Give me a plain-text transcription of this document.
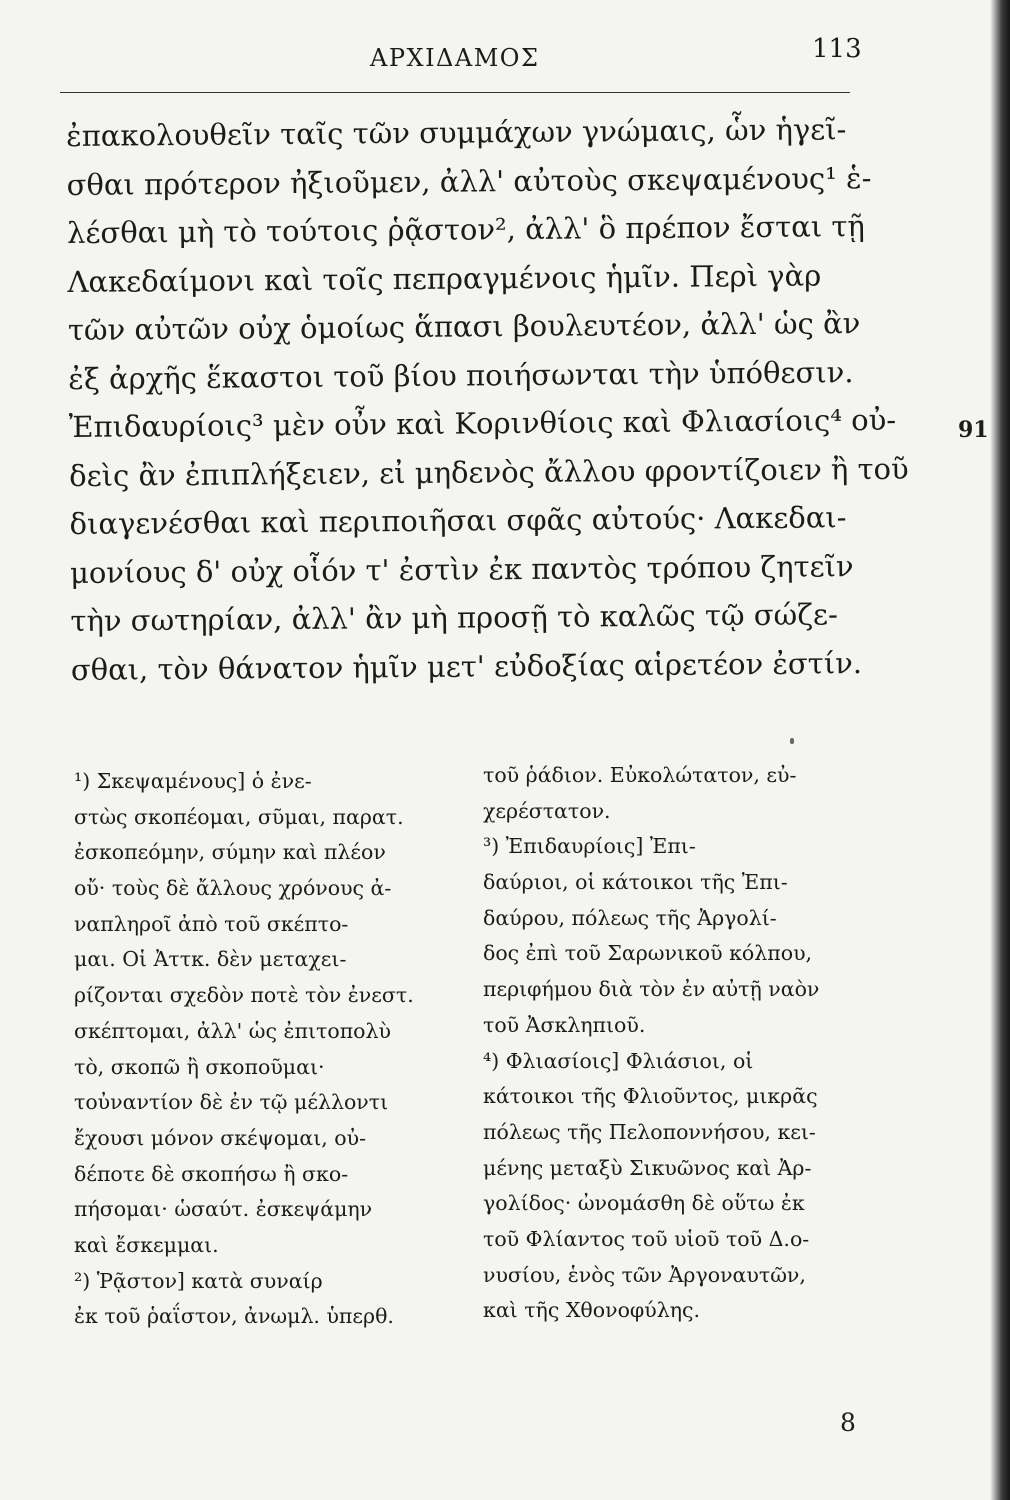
ΑΡΧΙΔΑΜΟΣ	113
ἐπακολουθεῖν ταῖς τῶν συμμάχων γνώμαις, ὧν ἡγεῖ-
σθαι πρότερον ἠξιοῦμεν, ἀλλ' αὐτοὺς σκεψαμένους¹ ἑ-
λέσθαι μὴ τὸ τούτοις ῥᾷστον², ἀλλ' ὃ πρέπον ἔσται τῇ
Λακεδαίμονι καὶ τοῖς πεπραγμένοις ἡμῖν. Περὶ γὰρ
τῶν αὐτῶν οὐχ ὁμοίως ἅπασι βουλευτέον, ἀλλ' ὡς ἂν
ἐξ ἀρχῆς ἕκαστοι τοῦ βίου ποιήσωνται τὴν ὑπόθεσιν.
Ἐπιδαυρίοις³ μὲν οὖν καὶ Κορινθίοις καὶ Φλιασίοις⁴ οὐ-
δεὶς ἂν ἐπιπλήξειεν, εἰ μηδενὸς ἄλλου φροντίζοιεν ἢ τοῦ
διαγενέσθαι καὶ περιποιῆσαι σφᾶς αὐτούς· Λακεδαι-
μονίους δ' οὐχ οἷόν τ' ἐστὶν ἐκ παντὸς τρόπου ζητεῖν
τὴν σωτηρίαν, ἀλλ' ἂν μὴ προσῇ τὸ καλῶς τῷ σώζε-
σθαι, τὸν θάνατον ἡμῖν μετ' εὐδοξίας αἱρετέον ἐστίν.
91
¹) Σκεψαμένους] ὁ ἐνε-
στὼς σκοπέομαι, σῦμαι, παρατ.
ἐσκοπεόμην, σύμην καὶ πλέον
οὔ· τοὺς δὲ ἄλλους χρόνους ἀ-
ναπληροῖ ἀπὸ τοῦ σκέπτο-
μαι. Οἱ Ἀττκ. δὲν μεταχει-
ρίζονται σχεδὸν ποτὲ τὸν ἐνεστ.
σκέπτομαι, ἀλλ' ὡς ἐπιτοπολὺ
τὸ, σκοπῶ ἢ σκοποῦμαι·
τοὐναντίον δὲ ἐν τῷ μέλλοντι
ἔχουσι μόνον σκέψομαι, οὐ-
δέποτε δὲ σκοπήσω ἢ σκο-
πήσομαι· ὡσαύτ. ἐσκεψάμην
καὶ ἔσκεμμαι.
²) Ῥᾷστον] κατὰ συναίρ
ἐκ τοῦ ῥαΐστον, ἀνωμλ. ὑπερθ.
τοῦ ῥάδιον. Εὐκολώτατον, εὐ-
χερέστατον.
³) Ἐπιδαυρίοις] Ἐπι-
δαύριοι, οἱ κάτοικοι τῆς Ἐπι-
δαύρου, πόλεως τῆς Ἀργολί-
δος ἐπὶ τοῦ Σαρωνικοῦ κόλπου,
περιφήμου διὰ τὸν ἐν αὐτῇ ναὸν
τοῦ Ἀσκληπιοῦ.
⁴) Φλιασίοις] Φλιάσιοι, οἱ
κάτοικοι τῆς Φλιοῦντος, μικρᾶς
πόλεως τῆς Πελοποννήσου, κει-
μένης μεταξὺ Σικυῶνος καὶ Ἀρ-
γολίδος· ὠνομάσθη δὲ οὕτω ἐκ
τοῦ Φλίαντος τοῦ υἱοῦ τοῦ Δ.ο-
νυσίου, ἑνὸς τῶν Ἀργοναυτῶν,
καὶ τῆς Χθονοφύλης.
8
